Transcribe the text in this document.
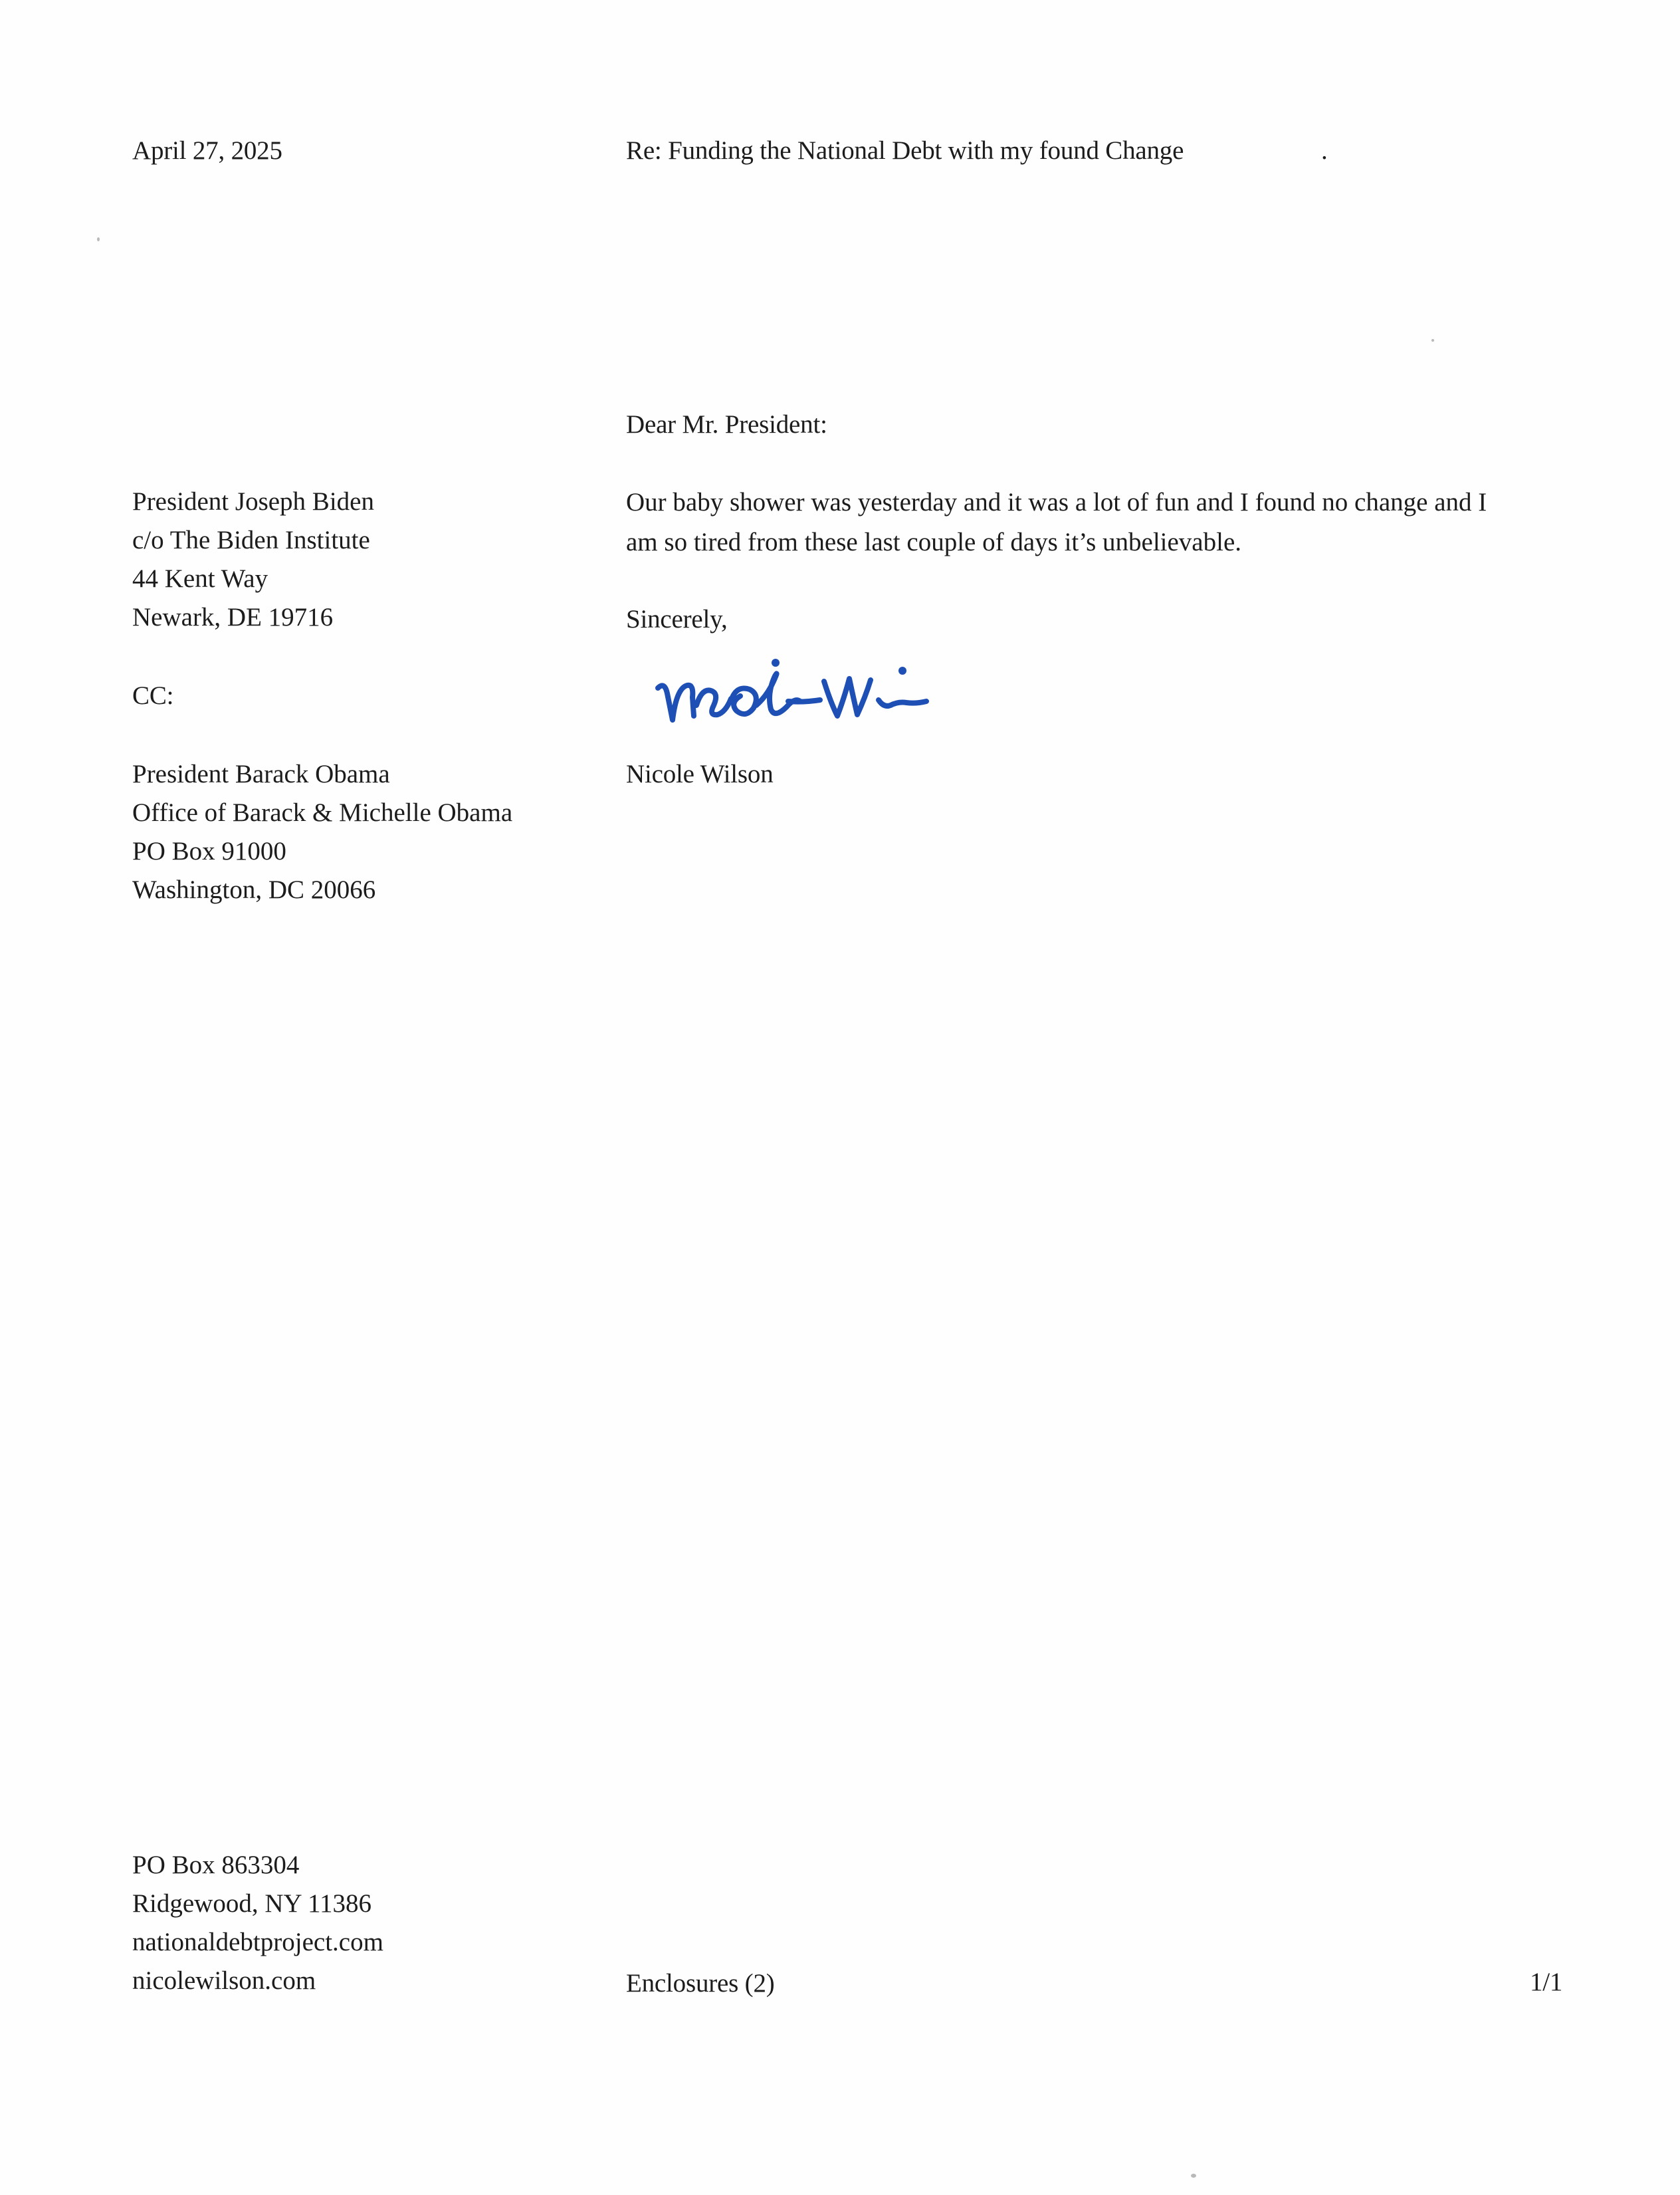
April 27, 2025	Re: Funding the National Debt with my found Change	.
Dear Mr. President:
President Joseph Biden
c/o The Biden Institute
44 Kent Way
Newark, DE 19716
Our baby shower was yesterday and it was a lot of fun and I found no change and I
am so tired from these last couple of days it’s unbelievable.
Sincerely,
CC:
President Barack Obama
Office of Barack & Michelle Obama
PO Box 91000
Washington, DC 20066
Nicole Wilson
PO Box 863304
Ridgewood, NY 11386
nationaldebtproject.com
nicolewilson.com	Enclosures (2)	1/1
